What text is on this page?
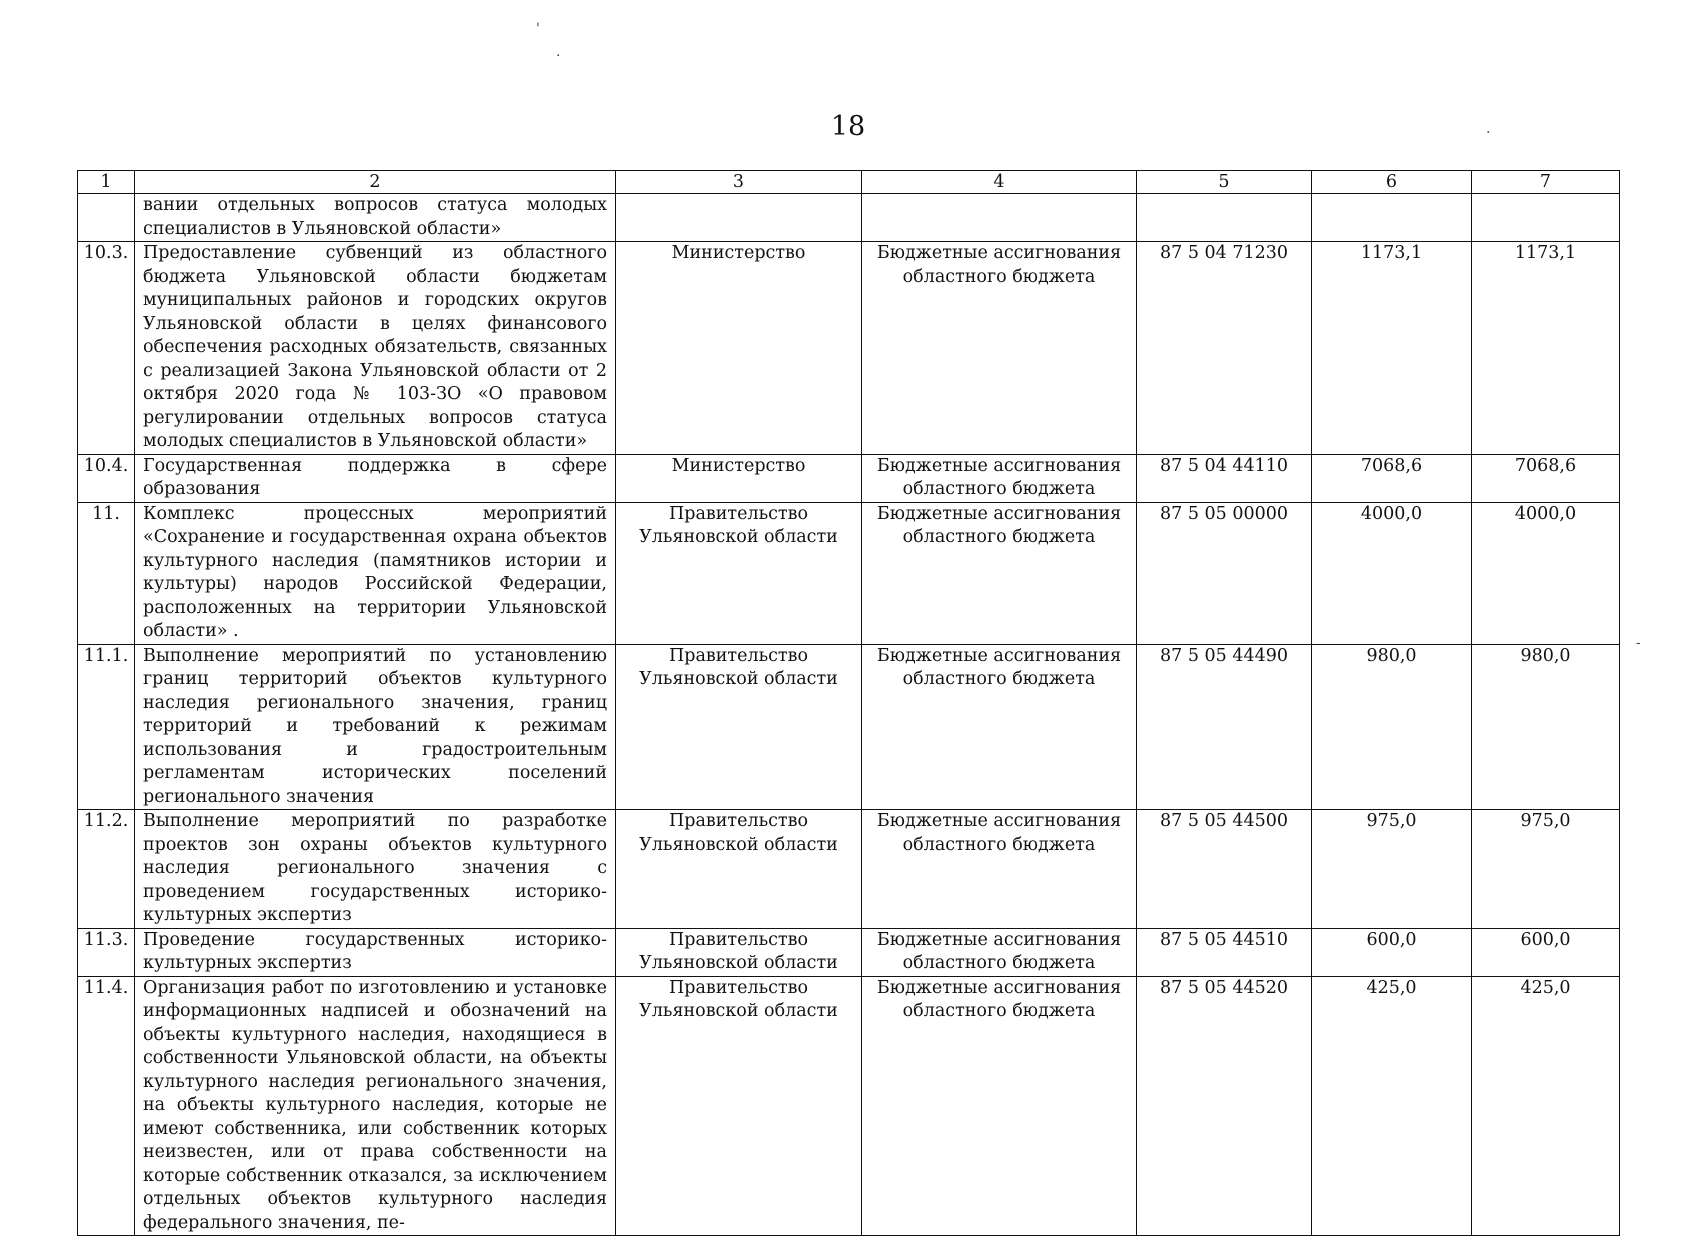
18
1	2	3	4	5	6	7
	вании отдельных вопросов статуса молодых специалистов в Ульяновской области»					
10.3.	Предоставление субвенций из областного бюджета Ульяновской области бюджетам муниципальных районов и городских округов Ульяновской области в целях финансового обеспечения расходных обязательств, связанных с реализацией Закона Ульяновской области от 2 октября 2020 года № 103-ЗО «О правовом регулировании отдельных вопросов статуса молодых специалистов в Ульяновской области»	Министерство	Бюджетные ассигнования областного бюджета	87 5 04 71230	1173,1	1173,1
10.4.	Государственная поддержка в сфере образования	Министерство	Бюджетные ассигнования областного бюджета	87 5 04 44110	7068,6	7068,6
11.	Комплекс процессных мероприятий «Сохранение и государственная охрана объектов культурного наследия (памятников истории и культуры) народов Российской Федерации, расположенных на территории Ульяновской области» .	Правительство Ульяновской области	Бюджетные ассигнования областного бюджета	87 5 05 00000	4000,0	4000,0
11.1.	Выполнение мероприятий по установлению границ территорий объектов культурного наследия регионального значения, границ территорий и требований к режимам использования и градостроительным регламентам исторических поселений регионального значения	Правительство Ульяновской области	Бюджетные ассигнования областного бюджета	87 5 05 44490	980,0	980,0
11.2.	Выполнение мероприятий по разработке проектов зон охраны объектов культурного наследия регионального значения с проведением государственных историко-культурных экспертиз	Правительство Ульяновской области	Бюджетные ассигнования областного бюджета	87 5 05 44500	975,0	975,0
11.3.	Проведение государственных историко-культурных экспертиз	Правительство Ульяновской области	Бюджетные ассигнования областного бюджета	87 5 05 44510	600,0	600,0
11.4.	Организация работ по изготовлению и установке информационных надписей и обозначений на объекты культурного наследия, находящиеся в собственности Ульяновской области, на объекты культурного наследия регионального значения, на объекты культурного наследия, которые не имеют собственника, или собственник которых неизвестен, или от права собственности на которые собственник отказался, за исключением отдельных объектов культурного наследия федерального значения, пе-	Правительство Ульяновской области	Бюджетные ассигнования областного бюджета	87 5 05 44520	425,0	425,0
'
.
.
-
